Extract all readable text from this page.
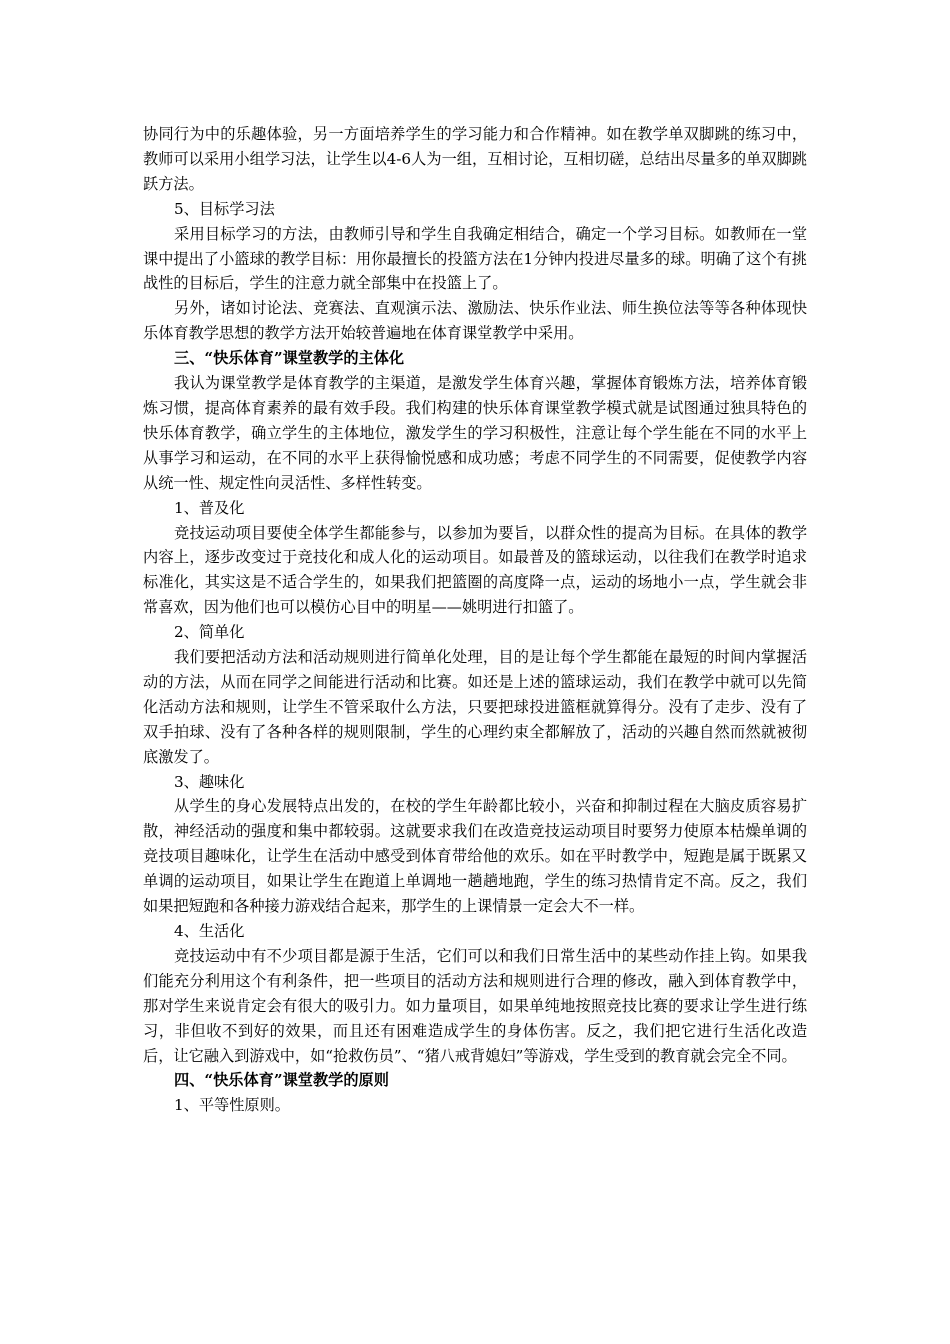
协同行为中的乐趣体验，另一方面培养学生的学习能力和合作精神。如在教学单双脚跳的练习中，教师可以采用小组学习法，让学生以4-6人为一组，互相讨论，互相切磋，总结出尽量多的单双脚跳跃方法。

5、目标学习法

采用目标学习的方法，由教师引导和学生自我确定相结合，确定一个学习目标。如教师在一堂课中提出了小篮球的教学目标：用你最擅长的投篮方法在1分钟内投进尽量多的球。明确了这个有挑战性的目标后，学生的注意力就全部集中在投篮上了。

另外，诸如讨论法、竞赛法、直观演示法、激励法、快乐作业法、师生换位法等等各种体现快乐体育教学思想的教学方法开始较普遍地在体育课堂教学中采用。

三、“快乐体育”课堂教学的主体化

我认为课堂教学是体育教学的主渠道，是激发学生体育兴趣，掌握体育锻炼方法，培养体育锻炼习惯，提高体育素养的最有效手段。我们构建的快乐体育课堂教学模式就是试图通过独具特色的快乐体育教学，确立学生的主体地位，激发学生的学习积极性，注意让每个学生能在不同的水平上从事学习和运动，在不同的水平上获得愉悦感和成功感；考虑不同学生的不同需要，促使教学内容从统一性、规定性向灵活性、多样性转变。

1、普及化

竞技运动项目要使全体学生都能参与，以参加为要旨，以群众性的提高为目标。在具体的教学内容上，逐步改变过于竞技化和成人化的运动项目。如最普及的篮球运动，以往我们在教学时追求标准化，其实这是不适合学生的，如果我们把篮圈的高度降一点，运动的场地小一点，学生就会非常喜欢，因为他们也可以模仿心目中的明星——姚明进行扣篮了。

2、简单化

我们要把活动方法和活动规则进行简单化处理，目的是让每个学生都能在最短的时间内掌握活动的方法，从而在同学之间能进行活动和比赛。如还是上述的篮球运动，我们在教学中就可以先简化活动方法和规则，让学生不管采取什么方法，只要把球投进篮框就算得分。没有了走步、没有了双手拍球、没有了各种各样的规则限制，学生的心理约束全都解放了，活动的兴趣自然而然就被彻底激发了。

3、趣味化

从学生的身心发展特点出发的，在校的学生年龄都比较小，兴奋和抑制过程在大脑皮质容易扩散，神经活动的强度和集中都较弱。这就要求我们在改造竞技运动项目时要努力使原本枯燥单调的竞技项目趣味化，让学生在活动中感受到体育带给他的欢乐。如在平时教学中，短跑是属于既累又单调的运动项目，如果让学生在跑道上单调地一趟趟地跑，学生的练习热情肯定不高。反之，我们如果把短跑和各种接力游戏结合起来，那学生的上课情景一定会大不一样。

4、生活化

竞技运动中有不少项目都是源于生活，它们可以和我们日常生活中的某些动作挂上钩。如果我们能充分利用这个有利条件，把一些项目的活动方法和规则进行合理的修改，融入到体育教学中，那对学生来说肯定会有很大的吸引力。如力量项目，如果单纯地按照竞技比赛的要求让学生进行练习，非但收不到好的效果，而且还有困难造成学生的身体伤害。反之，我们把它进行生活化改造后，让它融入到游戏中，如“抢救伤员”、“猪八戒背媳妇”等游戏，学生受到的教育就会完全不同。

四、“快乐体育”课堂教学的原则

1、平等性原则。
